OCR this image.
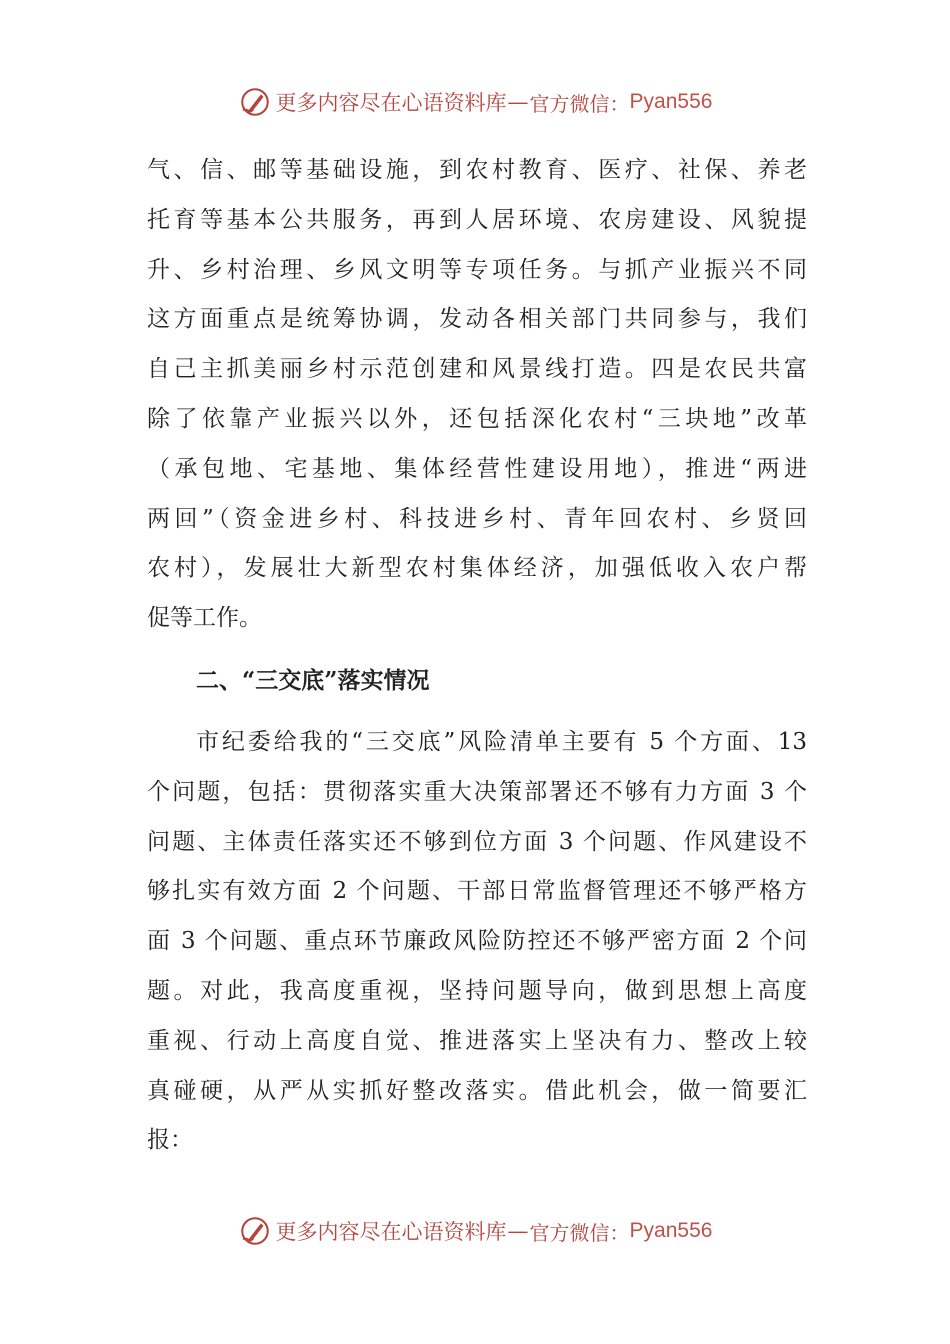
更多内容尽在心语资料库 — 官方微信： Pyan556
气、信、邮等基础设施，到农村教育、医疗、社保、养老
托育等基本公共服务，再到人居环境、农房建设、风貌提
升、乡村治理、乡风文明等专项任务。与抓产业振兴不同
这方面重点是统筹协调，发动各相关部门共同参与，我们
自己主抓美丽乡村示范创建和风景线打造。四是农民共富
除了依靠产业振兴以外，还包括深化农村“三块地”改革
（承包地、宅基地、集体经营性建设用地），推进“两进
两回”（资金进乡村、科技进乡村、青年回农村、乡贤回
农村），发展壮大新型农村集体经济，加强低收入农户帮
促等工作。
二、“三交底”落实情况
市纪委给我的“三交底”风险清单主要有 5 个方面、13
个问题，包括：贯彻落实重大决策部署还不够有力方面 3 个
问题、主体责任落实还不够到位方面 3 个问题、作风建设不
够扎实有效方面 2 个问题、干部日常监督管理还不够严格方
面 3 个问题、重点环节廉政风险防控还不够严密方面 2 个问
题。对此，我高度重视，坚持问题导向，做到思想上高度
重视、行动上高度自觉、推进落实上坚决有力、整改上较
真碰硬，从严从实抓好整改落实。借此机会，做一简要汇
报：
更多内容尽在心语资料库 — 官方微信： Pyan556
